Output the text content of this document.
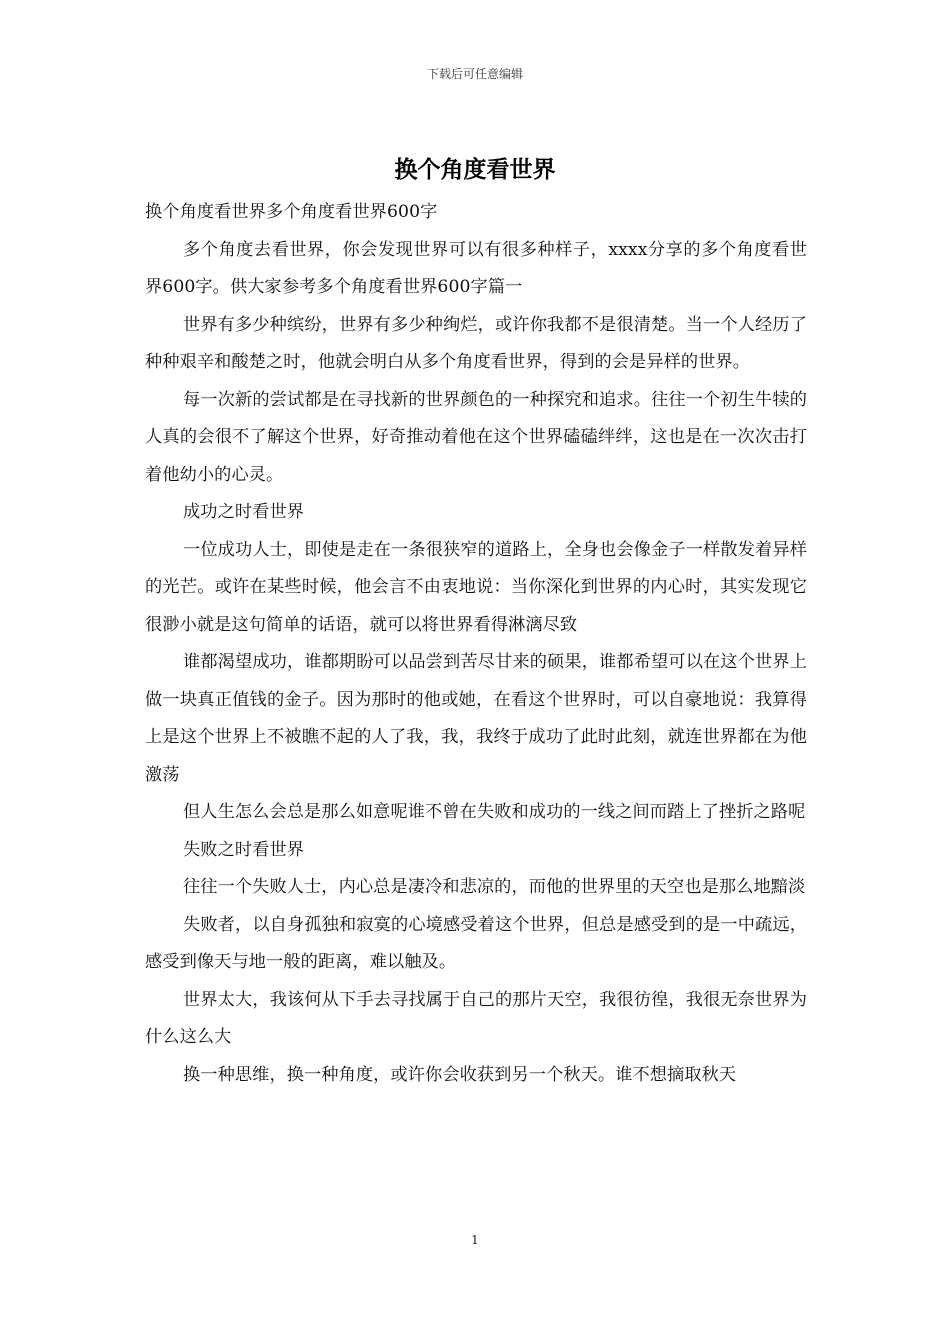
下载后可任意编辑
换个角度看世界

换个角度看世界多个角度看世界600字

多个角度去看世界，你会发现世界可以有很多种样子，xxxx分享的多个角度看世界600字。供大家参考多个角度看世界600字篇一

世界有多少种缤纷，世界有多少种绚烂，或许你我都不是很清楚。当一个人经历了种种艰辛和酸楚之时，他就会明白从多个角度看世界，得到的会是异样的世界。

每一次新的尝试都是在寻找新的世界颜色的一种探究和追求。往往一个初生牛犊的人真的会很不了解这个世界，好奇推动着他在这个世界磕磕绊绊，这也是在一次次击打着他幼小的心灵。

成功之时看世界

一位成功人士，即使是走在一条很狭窄的道路上，全身也会像金子一样散发着异样的光芒。或许在某些时候，他会言不由衷地说：当你深化到世界的内心时，其实发现它很渺小就是这句简单的话语，就可以将世界看得淋漓尽致

谁都渴望成功，谁都期盼可以品尝到苦尽甘来的硕果，谁都希望可以在这个世界上做一块真正值钱的金子。因为那时的他或她，在看这个世界时，可以自豪地说：我算得上是这个世界上不被瞧不起的人了我，我，我终于成功了此时此刻，就连世界都在为他激荡

但人生怎么会总是那么如意呢谁不曾在失败和成功的一线之间而踏上了挫折之路呢

失败之时看世界

往往一个失败人士，内心总是凄冷和悲凉的，而他的世界里的天空也是那么地黯淡

失败者，以自身孤独和寂寞的心境感受着这个世界，但总是感受到的是一中疏远，感受到像天与地一般的距离，难以触及。

世界太大，我该何从下手去寻找属于自己的那片天空，我很彷徨，我很无奈世界为什么这么大

换一种思维，换一种角度，或许你会收获到另一个秋天。谁不想摘取秋天

1
